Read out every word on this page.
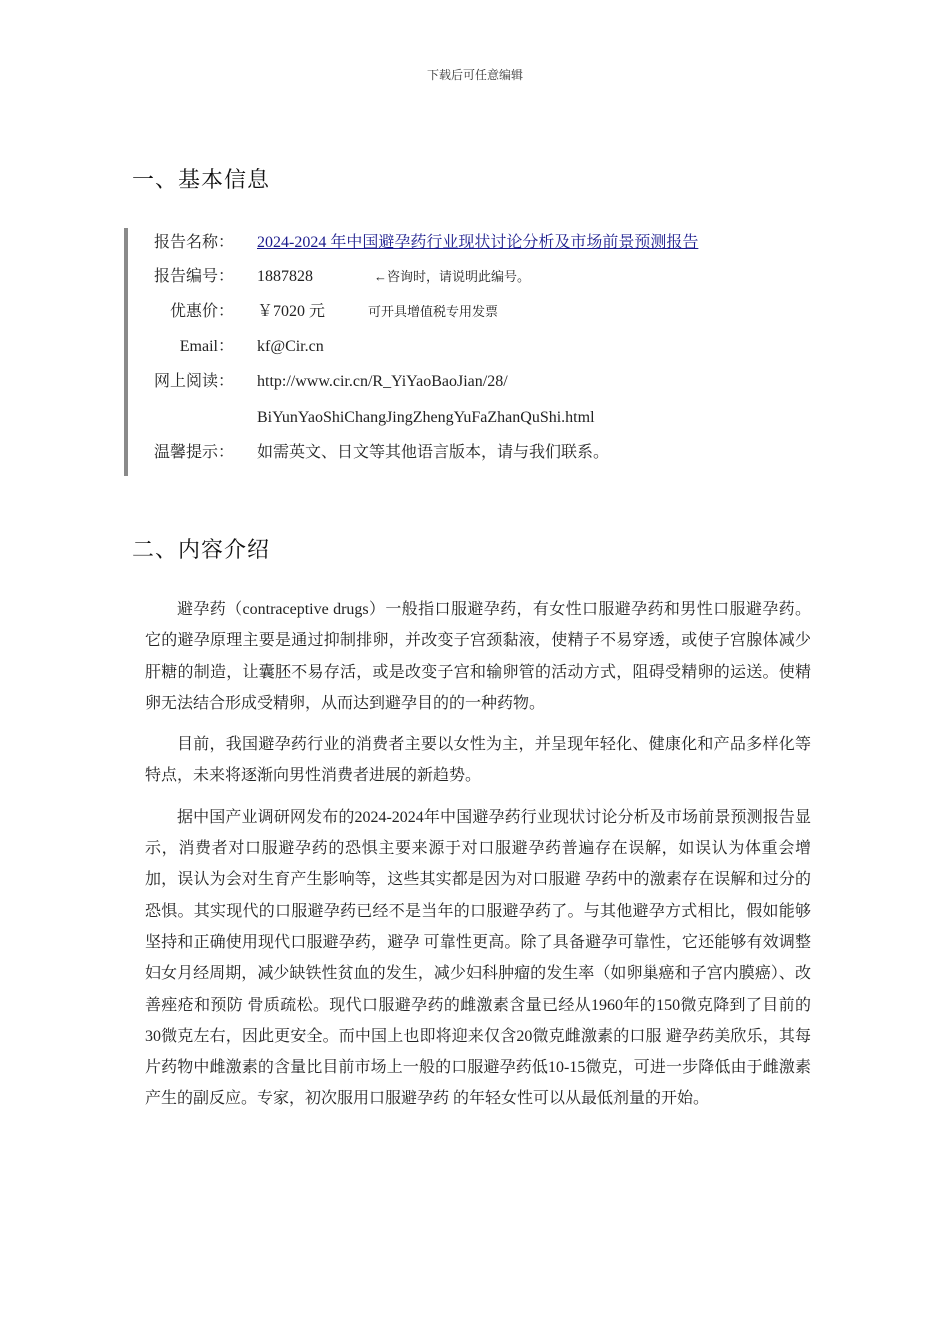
下载后可任意编辑
一、基本信息
报告名称： 2024-2024 年中国避孕药行业现状讨论分析及市场前景预测报告
报告编号： 1887828	←咨询时，请说明此编号。
优惠价： ￥7020 元	可开具增值税专用发票
Email： kf@Cir.cn
网上阅读： http://www.cir.cn/R_YiYaoBaoJian/28/
BiYunYaoShiChangJingZhengYuFaZhanQuShi.html
温馨提示： 如需英文、日文等其他语言版本，请与我们联系。
二、内容介绍

避孕药（contraceptive drugs）一般指口服避孕药，有女性口服避孕药和男性口服避孕药。它的避孕原理主要是通过抑制排卵，并改变子宫颈黏液，使精子不易穿透，或使子宫腺体减少肝糖的制造，让囊胚不易存活，或是改变子宫和输卵管的活动方式，阻碍受精卵的运送。使精卵无法结合形成受精卵，从而达到避孕目的的一种药物。

目前，我国避孕药行业的消费者主要以女性为主，并呈现年轻化、健康化和产品多样化等特点，未来将逐渐向男性消费者进展的新趋势。

据中国产业调研网发布的2024-2024年中国避孕药行业现状讨论分析及市场前景预测报告显示，消费者对口服避孕药的恐惧主要来源于对口服避孕药普遍存在误解，如误认为体重会增加，误认为会对生育产生影响等，这些其实都是因为对口服避 孕药中的激素存在误解和过分的恐惧。其实现代的口服避孕药已经不是当年的口服避孕药了。与其他避孕方式相比，假如能够坚持和正确使用现代口服避孕药，避孕 可靠性更高。除了具备避孕可靠性，它还能够有效调整妇女月经周期，减少缺铁性贫血的发生，减少妇科肿瘤的发生率（如卵巢癌和子宫内膜癌）、改善痤疮和预防 骨质疏松。现代口服避孕药的雌激素含量已经从1960年的150微克降到了目前的30微克左右，因此更安全。而中国上也即将迎来仅含20微克雌激素的口服 避孕药美欣乐，其每片药物中雌激素的含量比目前市场上一般的口服避孕药低10-15微克，可进一步降低由于雌激素产生的副反应。专家，初次服用口服避孕药 的年轻女性可以从最低剂量的开始。
